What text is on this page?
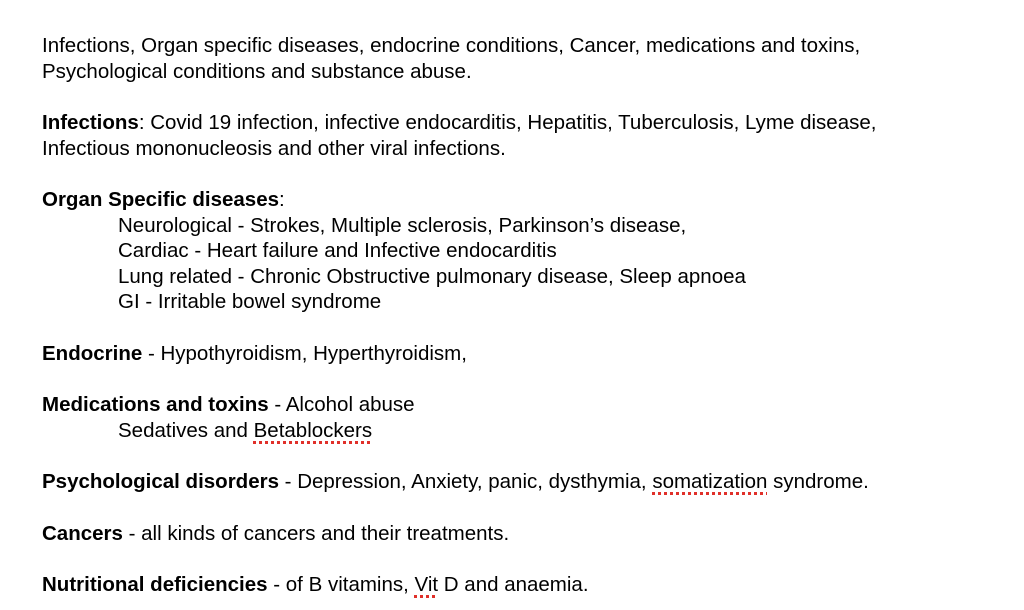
Infections, Organ specific diseases, endocrine conditions, Cancer, medications and toxins,

Psychological conditions and substance abuse.

Infections: Covid 19 infection, infective endocarditis, Hepatitis, Tuberculosis, Lyme disease,

Infectious mononucleosis and other viral infections.

Organ Specific diseases:

Neurological - Strokes, Multiple sclerosis, Parkinson’s disease,

Cardiac - Heart failure and Infective endocarditis

Lung related - Chronic Obstructive pulmonary disease, Sleep apnoea

GI - Irritable bowel syndrome

Endocrine - Hypothyroidism, Hyperthyroidism,

Medications and toxins - Alcohol abuse

Sedatives and Betablockers

Psychological disorders - Depression, Anxiety, panic, dysthymia, somatization syndrome.

Cancers - all kinds of cancers and their treatments.

Nutritional deficiencies - of B vitamins, Vit D and anaemia.
